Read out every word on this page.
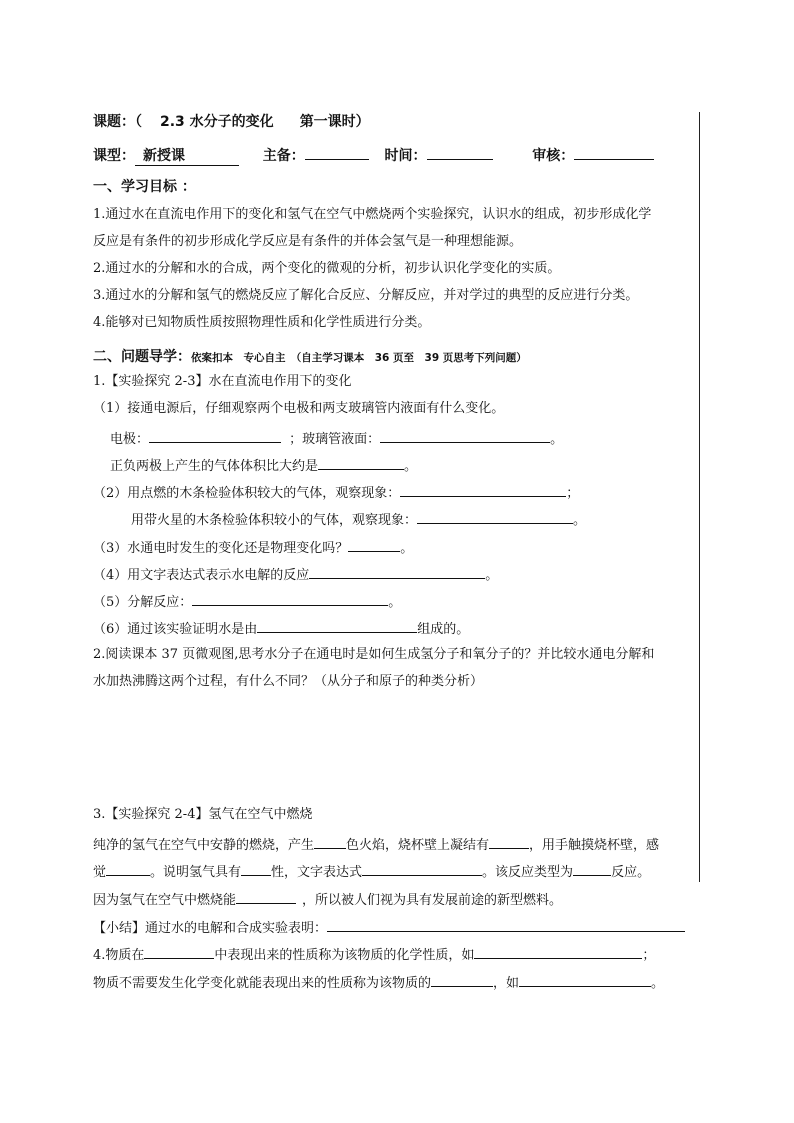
课题：（ 2.3 水分子的变化 第一课时）
课型： 新授课	主备：	时间：	审核：
一、学习目标 ：
1.通过水在直流电作用下的变化和氢气在空气中燃烧两个实验探究，认识水的组成，初步形成化学
反应是有条件的初步形成化学反应是有条件的并体会氢气是一种理想能源。
2.通过水的分解和水的合成，两个变化的微观的分析，初步认识化学变化的实质。
3.通过水的分解和氢气的燃烧反应了解化合反应、分解反应，并对学过的典型的反应进行分类。
4.能够对已知物质性质按照物理性质和化学性质进行分类。
二、问题导学：依案扣本　专心自主　（自主学习课本　36 页至　39 页思考下列问题）
1.【实验探究 2-3】水在直流电作用下的变化
（1）接通电源后，仔细观察两个电极和两支玻璃管内液面有什么变化。
电极：	；玻璃管液面：	。
正负两极上产生的气体体积比大约是	。
（2）用点燃的木条检验体积较大的气体，观察现象：	；
用带火星的木条检验体积较小的气体，观察现象：	。
（3）水通电时发生的变化还是物理变化吗？	。
（4）用文字表达式表示水电解的反应	。
（5）分解反应：	。
（6）通过该实验证明水是由	组成的。
2.阅读课本 37 页微观图,思考水分子在通电时是如何生成氢分子和氧分子的？并比较水通电分解和
水加热沸腾这两个过程，有什么不同？（从分子和原子的种类分析）
3.【实验探究 2-4】氢气在空气中燃烧
纯净的氢气在空气中安静的燃烧，产生 色火焰，烧杯壁上凝结有	，用手触摸烧杯壁，感
觉	。说明氢气具有 性，文字表达式	。该反应类型为	反应。
因为氢气在空气中燃烧能	，所以被人们视为具有发展前途的新型燃料。
【小结】通过水的电解和合成实验表明：
4.物质在	中表现出来的性质称为该物质的化学性质，如	；
物质不需要发生化学变化就能表现出来的性质称为该物质的	，如	。
